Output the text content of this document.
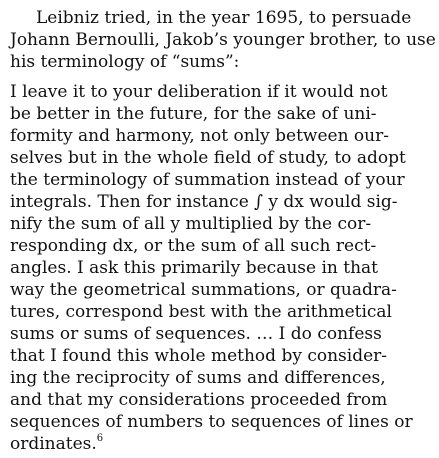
Leibniz tried, in the year 1695, to persuade
Johann Bernoulli, Jakob’s younger brother, to use
his terminology of “sums”:
I leave it to your deliberation if it would not
be better in the future, for the sake of uni-
formity and harmony, not only between our-
selves but in the whole field of study, to adopt
the terminology of summation instead of your
integrals. Then for instance ∫ y dx would sig-
nify the sum of all y multiplied by the cor-
responding dx, or the sum of all such rect-
angles. I ask this primarily because in that
way the geometrical summations, or quadra-
tures, correspond best with the arithmetical
sums or sums of sequences. … I do confess
that I found this whole method by consider-
ing the reciprocity of sums and differences,
and that my considerations proceeded from
sequences of numbers to sequences of lines or
ordinates.$^6$
